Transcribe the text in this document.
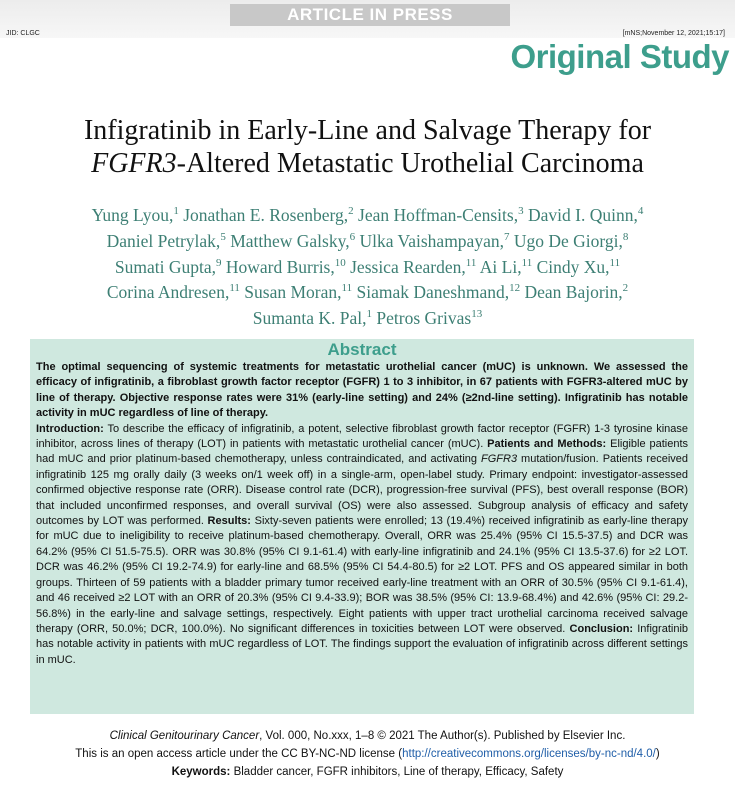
ARTICLE IN PRESS
JID: CLGC	[mNS;November 12, 2021;15:17]
Original Study
Infigratinib in Early-Line and Salvage Therapy for
FGFR3-Altered Metastatic Urothelial Carcinoma
Yung Lyou,$^1$ Jonathan E. Rosenberg,$^2$ Jean Hoffman-Censits,$^3$ David I. Quinn,$^4$
Daniel Petrylak,$^5$ Matthew Galsky,$^6$ Ulka Vaishampayan,$^7$ Ugo De Giorgi,$^8$
Sumati Gupta,$^9$ Howard Burris,$^{10}$ Jessica Rearden,$^{11}$ Ai Li,$^{11}$ Cindy Xu,$^{11}$
Corina Andresen,$^{11}$ Susan Moran,$^{11}$ Siamak Daneshmand,$^{12}$ Dean Bajorin,$^2$
Sumanta K. Pal,$^1$ Petros Grivas$^{13}$
Abstract

The optimal sequencing of systemic treatments for metastatic urothelial cancer (mUC) is unknown. We assessed the efficacy of infigratinib, a fibroblast growth factor receptor (FGFR) 1 to 3 inhibitor, in 67 patients with FGFR3-altered mUC by line of therapy. Objective response rates were 31% (early-line setting) and 24% (≥2nd-line setting). Infigratinib has notable activity in mUC regardless of line of therapy.

Introduction: To describe the efficacy of infigratinib, a potent, selective fibroblast growth factor receptor (FGFR) 1-3 tyrosine kinase inhibitor, across lines of therapy (LOT) in patients with metastatic urothelial cancer (mUC). Patients and Methods: Eligible patients had mUC and prior platinum-based chemotherapy, unless contraindicated, and activating FGFR3 mutation/fusion. Patients received infigratinib 125 mg orally daily (3 weeks on/1 week off) in a single-arm, open-label study. Primary endpoint: investigator-assessed confirmed objective response rate (ORR). Disease control rate (DCR), progression-free survival (PFS), best overall response (BOR) that included unconfirmed responses, and overall survival (OS) were also assessed. Subgroup analysis of efficacy and safety outcomes by LOT was performed. Results: Sixty-seven patients were enrolled; 13 (19.4%) received infigratinib as early-line therapy for mUC due to ineligibility to receive platinum-based chemotherapy. Overall, ORR was 25.4% (95% CI 15.5-37.5) and DCR was 64.2% (95% CI 51.5-75.5). ORR was 30.8% (95% CI 9.1-61.4) with early-line infigratinib and 24.1% (95% CI 13.5-37.6) for ≥2 LOT. DCR was 46.2% (95% CI 19.2-74.9) for early-line and 68.5% (95% CI 54.4-80.5) for ≥2 LOT. PFS and OS appeared similar in both groups. Thirteen of 59 patients with a bladder primary tumor received early-line treatment with an ORR of 30.5% (95% CI 9.1-61.4), and 46 received ≥2 LOT with an ORR of 20.3% (95% CI 9.4-33.9); BOR was 38.5% (95% CI: 13.9-68.4%) and 42.6% (95% CI: 29.2-56.8%) in the early-line and salvage settings, respectively. Eight patients with upper tract urothelial carcinoma received salvage therapy (ORR, 50.0%; DCR, 100.0%). No significant differences in toxicities between LOT were observed. Conclusion: Infigratinib has notable activity in patients with mUC regardless of LOT. The findings support the evaluation of infigratinib across different settings in mUC.

Clinical Genitourinary Cancer, Vol. 000, No.xxx, 1–8 © 2021 The Author(s). Published by Elsevier Inc.
This is an open access article under the CC BY-NC-ND license (http://creativecommons.org/licenses/by-nc-nd/4.0/)
Keywords: Bladder cancer, FGFR inhibitors, Line of therapy, Efficacy, Safety
